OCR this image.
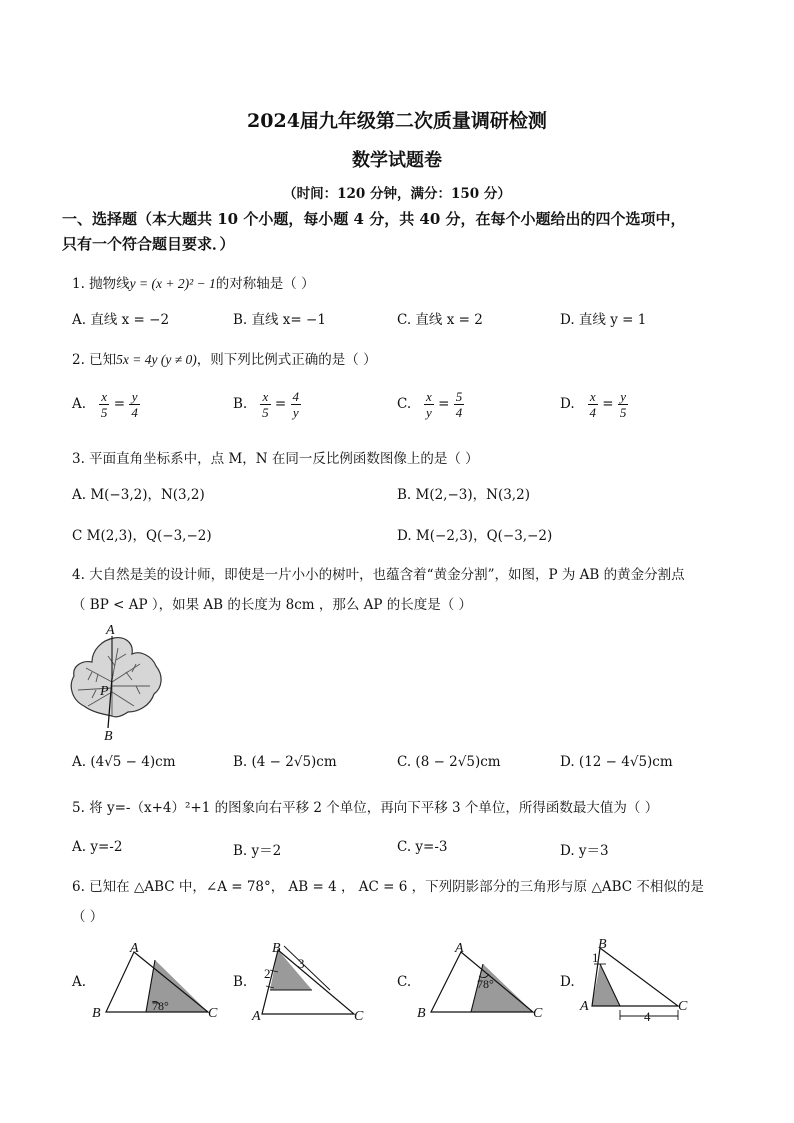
2024届九年级第二次质量调研检测
数学试题卷
（时间：120 分钟，满分：150 分）
一、选择题（本大题共 10 个小题，每小题 4 分，共 40 分，在每个小题给出的四个选项中，
只有一个符合题目要求．）
1. 抛物线y = (x + 2)² − 1的对称轴是（ ）
A. 直线 x = −2	B. 直线 x= −1	C. 直线 x = 2	D. 直线 y = 1
2. 已知5x = 4y (y ≠ 0)，则下列比例式正确的是（ ）
A. $\frac{x}{5} = \frac{y}{4}$	B. $\frac{x}{5} = \frac{4}{y}$	C. $\frac{x}{y} = \frac{5}{4}$	D. $\frac{x}{4} = \frac{y}{5}$
3. 平面直角坐标系中，点 M，N 在同一反比例函数图像上的是（ ）
A. M(−3,2)，N(3,2)	B. M(2,−3)，N(3,2)
C M(2,3)，Q(−3,−2)	D. M(−2,3)，Q(−3,−2)
4. 大自然是美的设计师，即使是一片小小的树叶，也蕴含着“黄金分割”，如图，P 为 AB 的黄金分割点
（ BP < AP ），如果 AB 的长度为 8cm ，那么 AP 的长度是（ ）
A
P
B
A. (4√5 − 4)cm	B. (4 − 2√5)cm	C. (8 − 2√5)cm	D. (12 − 4√5)cm
5. 将 y=-（x+4）²+1 的图象向右平移 2 个单位，再向下平移 3 个单位，所得函数最大值为（ ）
A. y=-2	B. y＝2	C. y=-3	D. y＝3
6. 已知在 △ABC 中，∠A = 78°， AB = 4 ， AC = 6 ，下列阴影部分的三角形与原 △ABC 不相似的是
（ ）
A.	B.	C.	D.
78°
A
B	C
2
3
B
A	C
78°
A
B	C
1
4
B
A	C
